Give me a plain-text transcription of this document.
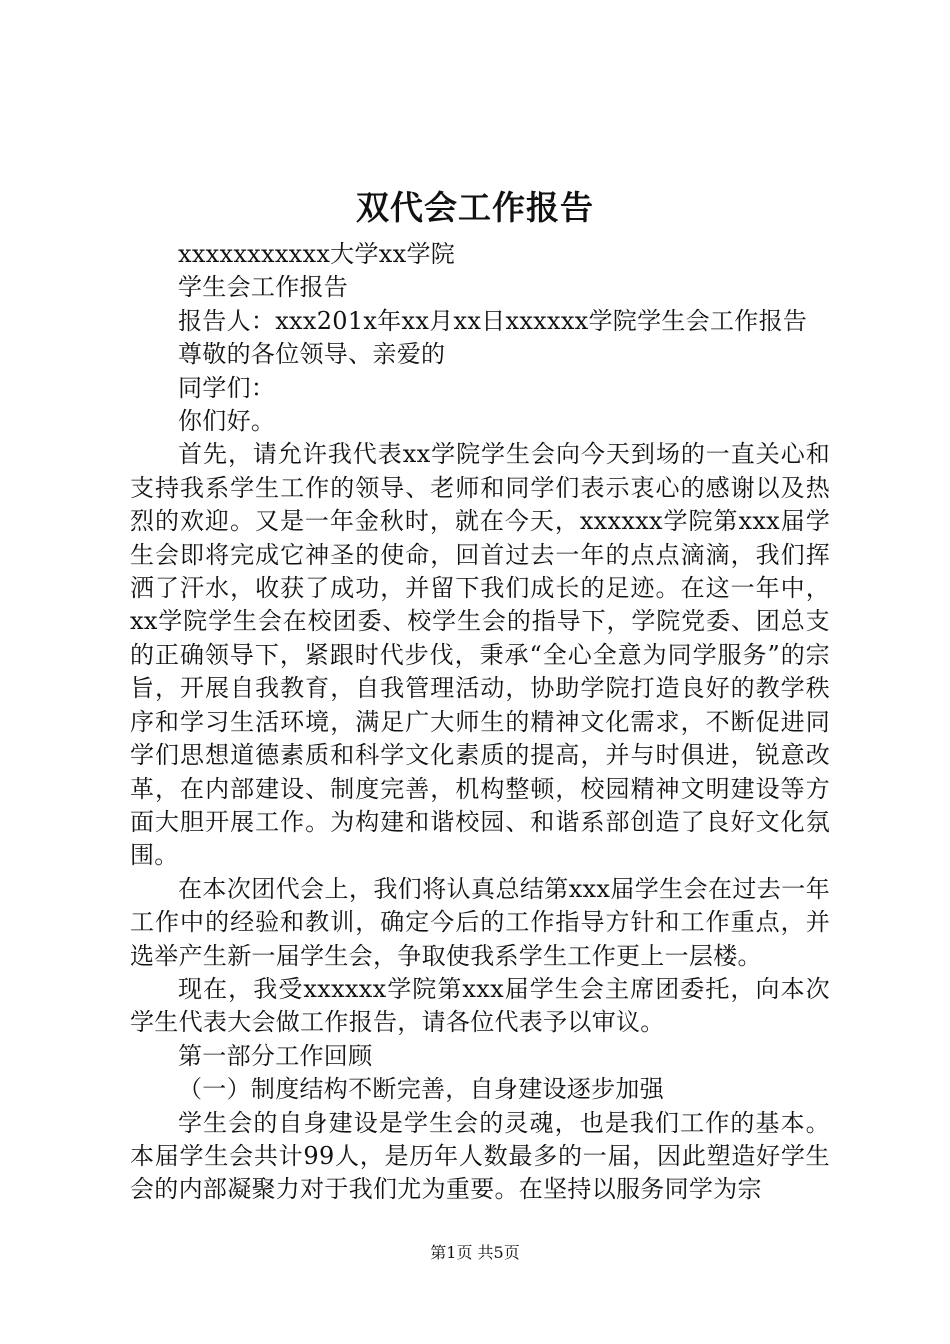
双代会工作报告

xxxxxxxxxxx大学xx学院

学生会工作报告

报告人：xxx201x年xx月xx日xxxxxx学院学生会工作报告

尊敬的各位领导、亲爱的

同学们：

你们好。

首先，请允许我代表xx学院学生会向今天到场的一直关心和支持我系学生工作的领导、老师和同学们表示衷心的感谢以及热烈的欢迎。又是一年金秋时，就在今天，xxxxxx学院第xxx届学生会即将完成它神圣的使命，回首过去一年的点点滴滴，我们挥洒了汗水，收获了成功，并留下我们成长的足迹。在这一年中，xx学院学生会在校团委、校学生会的指导下，学院党委、团总支的正确领导下，紧跟时代步伐，秉承“全心全意为同学服务”的宗旨，开展自我教育，自我管理活动，协助学院打造良好的教学秩序和学习生活环境，满足广大师生的精神文化需求，不断促进同学们思想道德素质和科学文化素质的提高，并与时俱进，锐意改革，在内部建设、制度完善，机构整顿，校园精神文明建设等方面大胆开展工作。为构建和谐校园、和谐系部创造了良好文化氛围。

在本次团代会上，我们将认真总结第xxx届学生会在过去一年工作中的经验和教训，确定今后的工作指导方针和工作重点，并选举产生新一届学生会，争取使我系学生工作更上一层楼。

现在，我受xxxxxx学院第xxx届学生会主席团委托，向本次学生代表大会做工作报告，请各位代表予以审议。

第一部分工作回顾

（一）制度结构不断完善，自身建设逐步加强

学生会的自身建设是学生会的灵魂，也是我们工作的基本。本届学生会共计99人，是历年人数最多的一届，因此塑造好学生会的内部凝聚力对于我们尤为重要。在坚持以服务同学为宗

第1页 共5页
